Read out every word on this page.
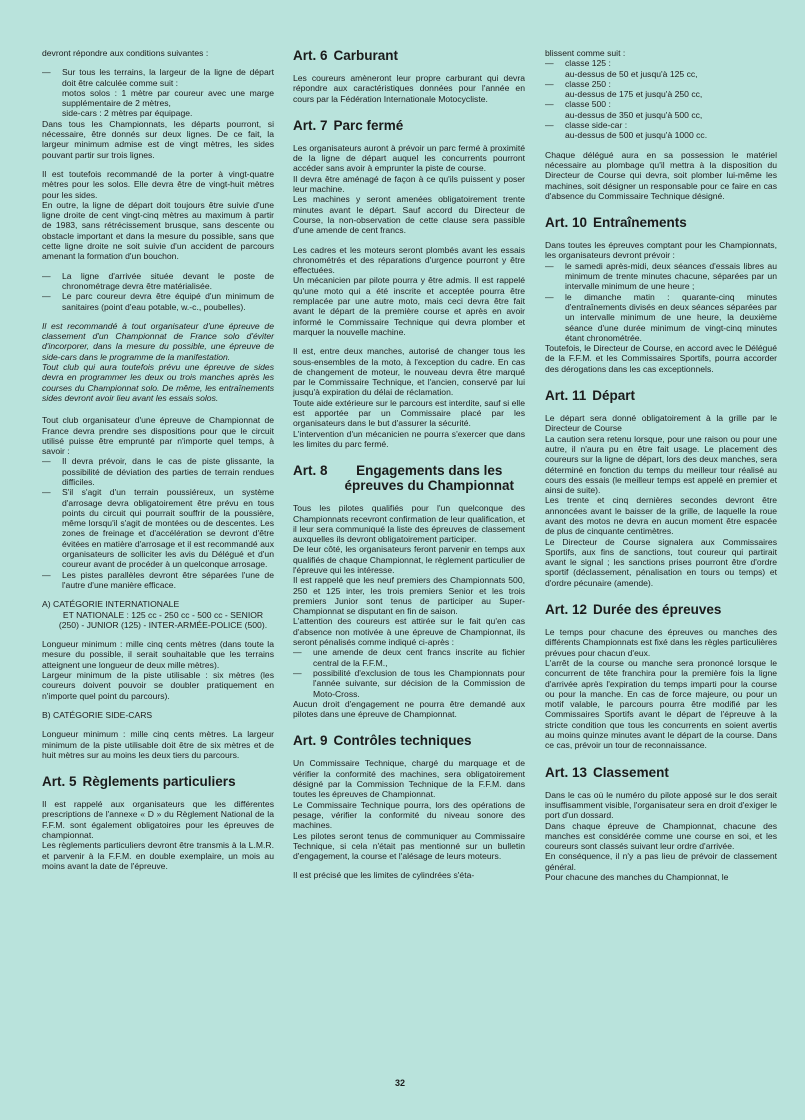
devront répondre aux conditions suivantes :

— Sur tous les terrains, la largeur de la ligne de départ doit être calculée comme suit :
motos solos : 1 mètre par coureur avec une marge supplémentaire de 2 mètres,
side-cars : 2 mètres par équipage.

Dans tous les Championnats, les départs pourront, si nécessaire, être donnés sur deux lignes. De ce fait, la largeur minimum admise est de vingt mètres, les sides pouvant partir sur trois lignes.

Il est toutefois recommandé de la porter à vingt-quatre mètres pour les solos. Elle devra être de vingt-huit mètres pour les sides.

En outre, la ligne de départ doit toujours être suivie d'une ligne droite de cent vingt-cinq mètres au maximum à partir de 1983, sans rétrécissement brusque, sans descente ou obstacle important et dans la mesure du possible, sans que cette ligne droite ne soit suivie d'un accident de parcours amenant la formation d'un bouchon.

— La ligne d'arrivée située devant le poste de chronométrage devra être matérialisée.
— Le parc coureur devra être équipé d'un minimum de sanitaires (point d'eau potable, w.-c., poubelles).

Il est recommandé à tout organisateur d'une épreuve de classement d'un Championnat de France solo d'éviter d'incorporer, dans la mesure du possible, une épreuve de side-cars dans le programme de la manifestation.

Tout club qui aura toutefois prévu une épreuve de sides devra en programmer les deux ou trois manches après les courses du Championnat solo. De même, les entraînements sides devront avoir lieu avant les essais solos.

Tout club organisateur d'une épreuve de Championnat de France devra prendre ses dispositions pour que le circuit utilisé puisse être emprunté par n'importe quel temps, à savoir :

— Il devra prévoir, dans le cas de piste glissante, la possibilité de déviation des parties de terrain rendues difficiles.
— S'il s'agit d'un terrain poussiéreux, un système d'arrosage devra obligatoirement être prévu en tous points du circuit qui pourrait souffrir de la poussière, même lorsqu'il s'agit de montées ou de descentes. Les zones de freinage et d'accélération se devront d'être évitées en matière d'arrosage et il est recommandé aux organisateurs de solliciter les avis du Délégué et d'un coureur avant de procéder à un quelconque arrosage.
— Les pistes parallèles devront être séparées l'une de l'autre d'une manière efficace.
A) CATÉGORIE INTERNATIONALE
ET NATIONALE : 125 cc - 250 cc - 500 cc - SENIOR (250) - JUNIOR (125) - INTER-ARMÉE-POLICE (500).

Longueur minimum : mille cinq cents mètres (dans toute la mesure du possible, il serait souhaitable que les terrains atteignent une longueur de deux mille mètres).

Largeur minimum de la piste utilisable : six mètres (les coureurs doivent pouvoir se doubler pratiquement en n'importe quel point du parcours).

B) CATÉGORIE SIDE-CARS

Longueur minimum : mille cinq cents mètres. La largeur minimum de la piste utilisable doit être de six mètres et de huit mètres sur au moins les deux tiers du parcours.

Art. 5 Règlements particuliers

Il est rappelé aux organisateurs que les différentes prescriptions de l'annexe « D » du Règlement National de la F.F.M. sont également obligatoires pour les épreuves de championnat.

Les règlements particuliers devront être transmis à la L.M.R. et parvenir à la F.F.M. en double exemplaire, un mois au moins avant la date de l'épreuve.

Art. 6 Carburant

Les coureurs amèneront leur propre carburant qui devra répondre aux caractéristiques données pour l'année en cours par la Fédération Internationale Motocycliste.

Art. 7 Parc fermé

Les organisateurs auront à prévoir un parc fermé à proximité de la ligne de départ auquel les concurrents pourront accéder sans avoir à emprunter la piste de course.

Il devra être aménagé de façon à ce qu'ils puissent y poser leur machine.

Les machines y seront amenées obligatoirement trente minutes avant le départ. Sauf accord du Directeur de Course, la non-observation de cette clause sera passible d'une amende de cent francs.

Les cadres et les moteurs seront plombés avant les essais chronométrés et des réparations d'urgence pourront y être effectuées.

Un mécanicien par pilote pourra y être admis. Il est rappelé qu'une moto qui a été inscrite et acceptée pourra être remplacée par une autre moto, mais ceci devra être fait avant le départ de la première course et après en avoir informé le Commissaire Technique qui devra plomber et marquer la nouvelle machine.

Il est, entre deux manches, autorisé de changer tous les sous-ensembles de la moto, à l'exception du cadre. En cas de changement de moteur, le nouveau devra être marqué par le Commissaire Technique, et l'ancien, conservé par lui jusqu'à expiration du délai de réclamation.

Toute aide extérieure sur le parcours est interdite, sauf si elle est apportée par un Commissaire placé par les organisateurs dans le but d'assurer la sécurité.

L'intervention d'un mécanicien ne pourra s'exercer que dans les limites du parc fermé.

Art. 8	Engagements dans les
épreuves du Championnat

Tous les pilotes qualifiés pour l'un quelconque des Championnats recevront confirmation de leur qualification, et il leur sera communiqué la liste des épreuves de classement auxquelles ils devront obligatoirement participer.

De leur côté, les organisateurs feront parvenir en temps aux qualifiés de chaque Championnat, le règlement particulier de l'épreuve qui les intéresse.

Il est rappelé que les neuf premiers des Championnats 500, 250 et 125 inter, les trois premiers Senior et les trois premiers Junior sont tenus de participer au Super-Championnat se disputant en fin de saison.

L'attention des coureurs est attirée sur le fait qu'en cas d'absence non motivée à une épreuve de Championnat, ils seront pénalisés comme indiqué ci-après :

— une amende de deux cent francs inscrite au fichier central de la F.F.M.,
— possibilité d'exclusion de tous les Championnats pour l'année suivante, sur décision de la Commission de Moto-Cross.

Aucun droit d'engagement ne pourra être demandé aux pilotes dans une épreuve de Championnat.

Art. 9 Contrôles techniques

Un Commissaire Technique, chargé du marquage et de vérifier la conformité des machines, sera obligatoirement désigné par la Commission Technique de la F.F.M. dans toutes les épreuves de Championnat.

Le Commissaire Technique pourra, lors des opérations de pesage, vérifier la conformité du niveau sonore des machines.

Les pilotes seront tenus de communiquer au Commissaire Technique, si cela n'était pas mentionné sur un bulletin d'engagement, la course et l'alésage de leurs moteurs.

Il est précisé que les limites de cylindrées s'éta-

blissent comme suit :

— classe 125 :
au-dessus de 50 et jusqu'à 125 cc,
— classe 250 :
au-dessus de 175 et jusqu'à 250 cc,
— classe 500 :
au-dessus de 350 et jusqu'à 500 cc,
— classe side-car :
au-dessus de 500 et jusqu'à 1000 cc.

Chaque délégué aura en sa possession le matériel nécessaire au plombage qu'il mettra à la disposition du Directeur de Course qui devra, soit plomber lui-même les machines, soit désigner un responsable pour ce faire en cas d'absence du Commissaire Technique désigné.

Art. 10 Entraînements

Dans toutes les épreuves comptant pour les Championnats, les organisateurs devront prévoir :

— le samedi après-midi, deux séances d'essais libres au minimum de trente minutes chacune, séparées par un intervalle minimum de une heure ;
— le dimanche matin : quarante-cinq minutes d'entraînements divisés en deux séances séparées par un intervalle minimum de une heure, la deuxième séance d'une durée minimum de vingt-cinq minutes étant chronométrée.

Toutefois, le Directeur de Course, en accord avec le Délégué de la F.F.M. et les Commissaires Sportifs, pourra accorder des dérogations dans les cas exceptionnels.

Art. 11 Départ

Le départ sera donné obligatoirement à la grille par le Directeur de Course

La caution sera retenu lorsque, pour une raison ou pour une autre, il n'aura pu en être fait usage. Le placement des coureurs sur la ligne de départ, lors des deux manches, sera déterminé en fonction du temps du meilleur tour réalisé au cours des essais (le meilleur temps est appelé en premier et ainsi de suite).

Les trente et cinq dernières secondes devront être annoncées avant le baisser de la grille, de laquelle la roue avant des motos ne devra en aucun moment être espacée de plus de cinquante centimètres.

Le Directeur de Course signalera aux Commissaires Sportifs, aux fins de sanctions, tout coureur qui partirait avant le signal ; les sanctions prises pourront être d'ordre sportif (déclassement, pénalisation en tours ou temps) et d'ordre pécunaire (amende).

Art. 12 Durée des épreuves

Le temps pour chacune des épreuves ou manches des différents Championnats est fixé dans les règles particulières prévues pour chacun d'eux.

L'arrêt de la course ou manche sera prononcé lorsque le concurrent de tête franchira pour la première fois la ligne d'arrivée après l'expiration du temps imparti pour la course ou pour la manche. En cas de force majeure, ou pour un motif valable, le parcours pourra être modifié par les Commissaires Sportifs avant le départ de l'épreuve à la stricte condition que tous les concurrents en soient avertis au moins quinze minutes avant le départ de la course. Dans ce cas, prévoir un tour de reconnaissance.

Art. 13 Classement

Dans le cas où le numéro du pilote apposé sur le dos serait insuffisamment visible, l'organisateur sera en droit d'exiger le port d'un dossard.

Dans chaque épreuve de Championnat, chacune des manches est considérée comme une course en soi, et les coureurs sont classés suivant leur ordre d'arrivée.

En conséquence, il n'y a pas lieu de prévoir de classement général.

Pour chacune des manches du Championnat, le

32
